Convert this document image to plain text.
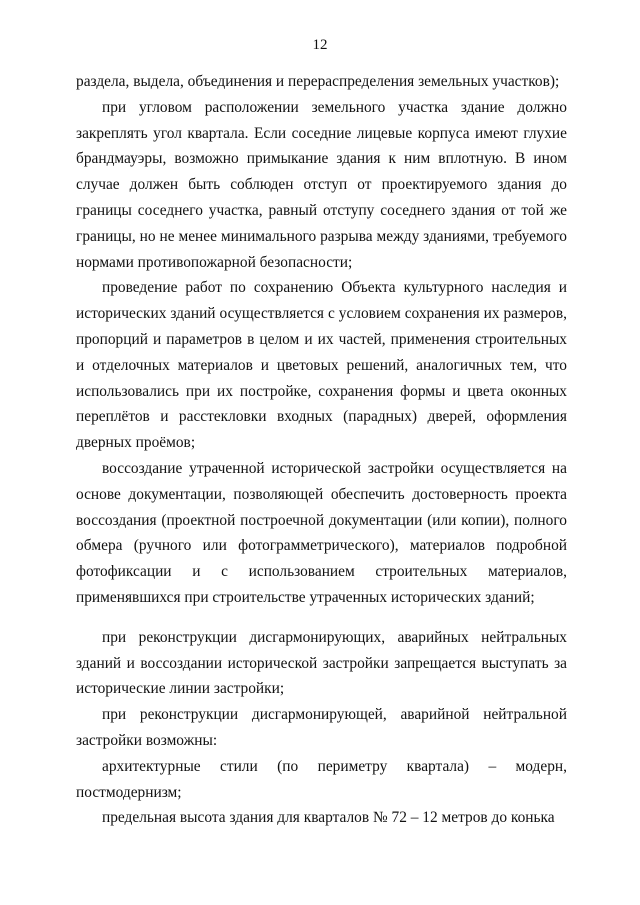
12

раздела, выдела, объединения и перераспределения земельных участков);

при угловом расположении земельного участка здание должно закреплять угол квартала. Если соседние лицевые корпуса имеют глухие брандмауэры, возможно примыкание здания к ним вплотную. В ином случае должен быть соблюден отступ от проектируемого здания до границы соседнего участка, равный отступу соседнего здания от той же границы, но не менее минимального разрыва между зданиями, требуемого нормами противопожарной безопасности;

проведение работ по сохранению Объекта культурного наследия и исторических зданий осуществляется с условием сохранения их размеров, пропорций и параметров в целом и их частей, применения строительных и отделочных материалов и цветовых решений, аналогичных тем, что использовались при их постройке, сохранения формы и цвета оконных переплётов и расстекловки входных (парадных) дверей, оформления дверных проёмов;

воссоздание утраченной исторической застройки осуществляется на основе документации, позволяющей обеспечить достоверность проекта воссоздания (проектной построечной документации (или копии), полного обмера (ручного или фотограмметрического), материалов подробной фотофиксации и с использованием строительных материалов, применявшихся при строительстве утраченных исторических зданий;

при реконструкции дисгармонирующих, аварийных нейтральных зданий и воссоздании исторической застройки запрещается выступать за исторические линии застройки;

при реконструкции дисгармонирующей, аварийной нейтральной застройки возможны:

архитектурные стили (по периметру квартала) – модерн, постмодернизм;

предельная высота здания для кварталов № 72 – 12 метров до конька
